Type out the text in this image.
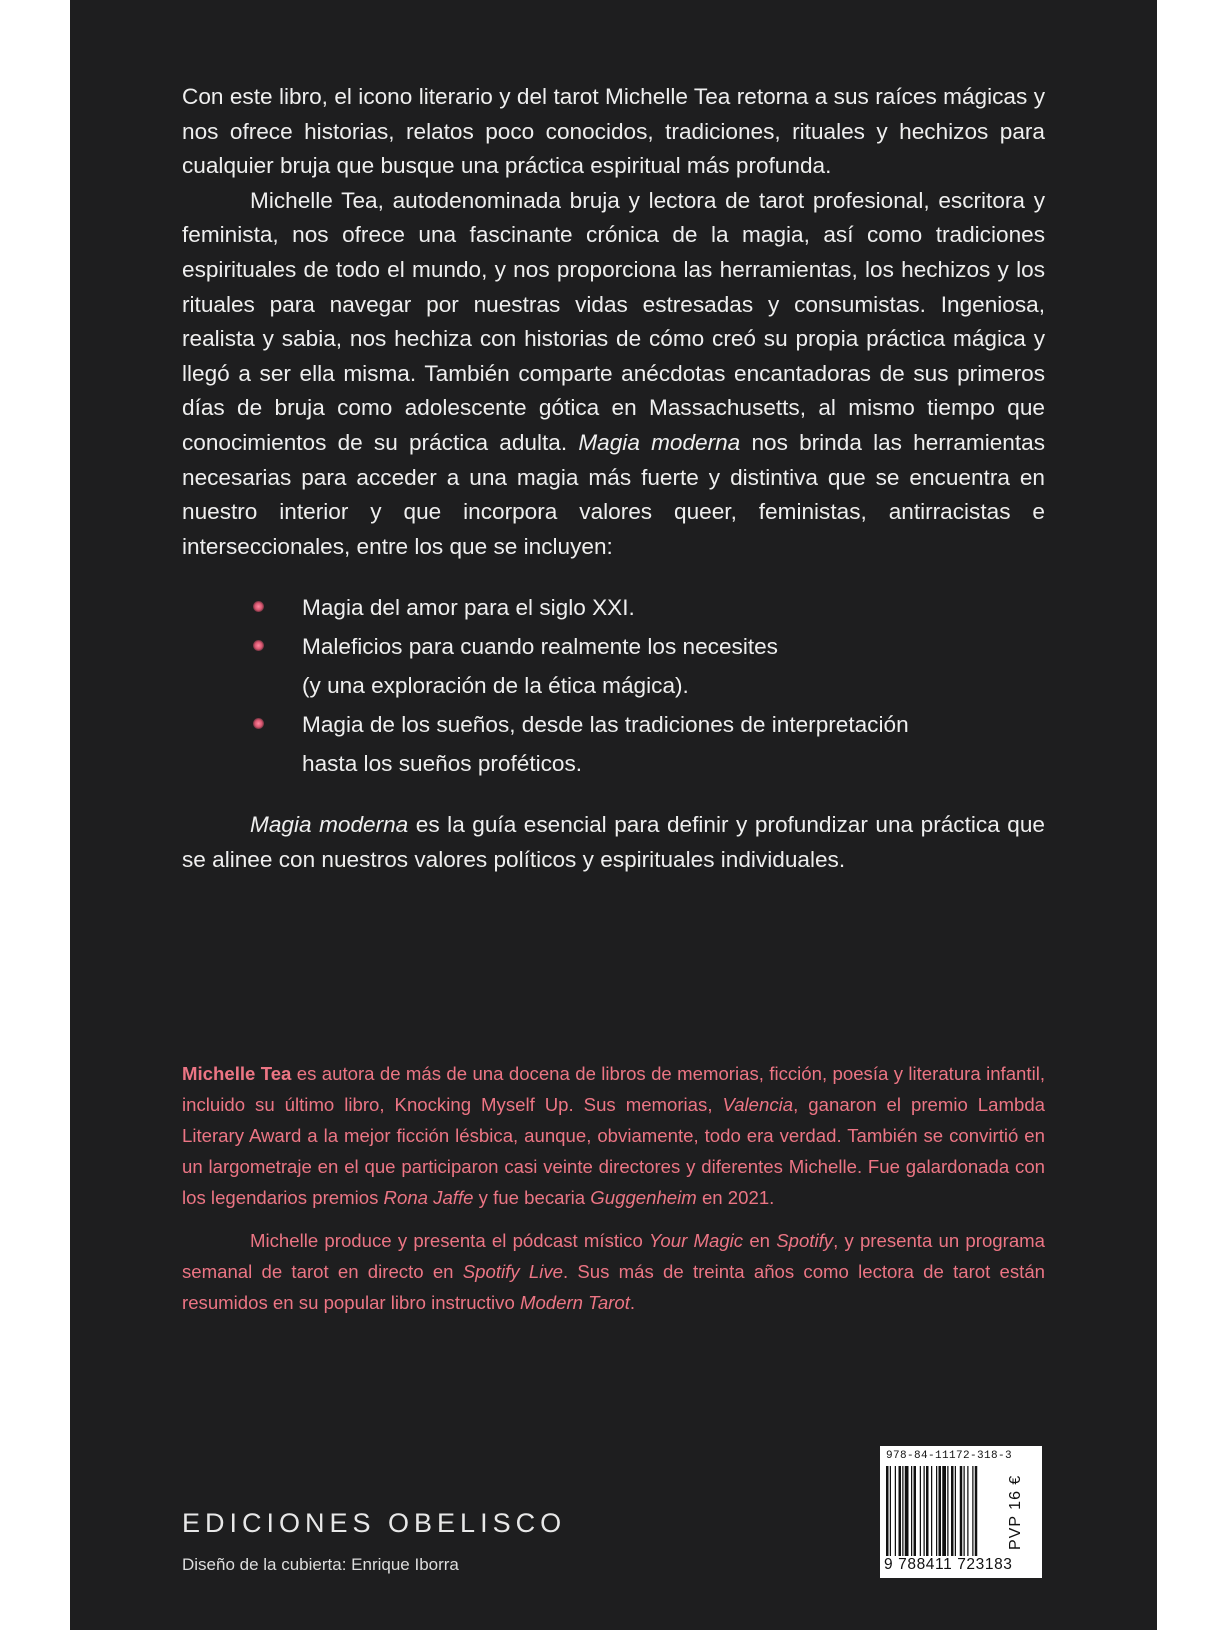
Con este libro, el icono literario y del tarot Michelle Tea retorna a sus raíces mágicas y nos ofrece historias, relatos poco conocidos, tradiciones, rituales y hechizos para cualquier bruja que busque una práctica espiritual más profunda.

Michelle Tea, autodenominada bruja y lectora de tarot profesional, escritora y feminista, nos ofrece una fascinante crónica de la magia, así como tradiciones espirituales de todo el mundo, y nos proporciona las herramientas, los hechizos y los rituales para navegar por nuestras vidas estresadas y consumistas. Ingeniosa, realista y sabia, nos hechiza con historias de cómo creó su propia práctica mágica y llegó a ser ella misma. También comparte anécdotas encantadoras de sus primeros días de bruja como adolescente gótica en Massachusetts, al mismo tiempo que conocimientos de su práctica adulta. Magia moderna nos brinda las herramientas necesarias para acceder a una magia más fuerte y distintiva que se encuentra en nuestro interior y que incorpora valores queer, feministas, antirracistas e interseccionales, entre los que se incluyen:

Magia del amor para el siglo XXI.
Maleficios para cuando realmente los necesites
(y una exploración de la ética mágica).
Magia de los sueños, desde las tradiciones de interpretación
hasta los sueños proféticos.

Magia moderna es la guía esencial para definir y profundizar una práctica que se alinee con nuestros valores políticos y espirituales individuales.

Michelle Tea es autora de más de una docena de libros de memorias, ficción, poesía y literatura infantil, incluido su último libro, Knocking Myself Up. Sus memorias, Valencia, ganaron el premio Lambda Literary Award a la mejor ficción lésbica, aunque, obviamente, todo era verdad. También se convirtió en un largometraje en el que participaron casi veinte directores y diferentes Michelle. Fue galardonada con los legendarios premios Rona Jaffe y fue becaria Guggenheim en 2021.

Michelle produce y presenta el pódcast místico Your Magic en Spotify, y presenta un programa semanal de tarot en directo en Spotify Live. Sus más de treinta años como lectora de tarot están resumidos en su popular libro instructivo Modern Tarot.

EDICIONES OBELISCO
Diseño de la cubierta: Enrique Iborra
978-84-11172-318-3
9 788411 723183
PVP 16 €
